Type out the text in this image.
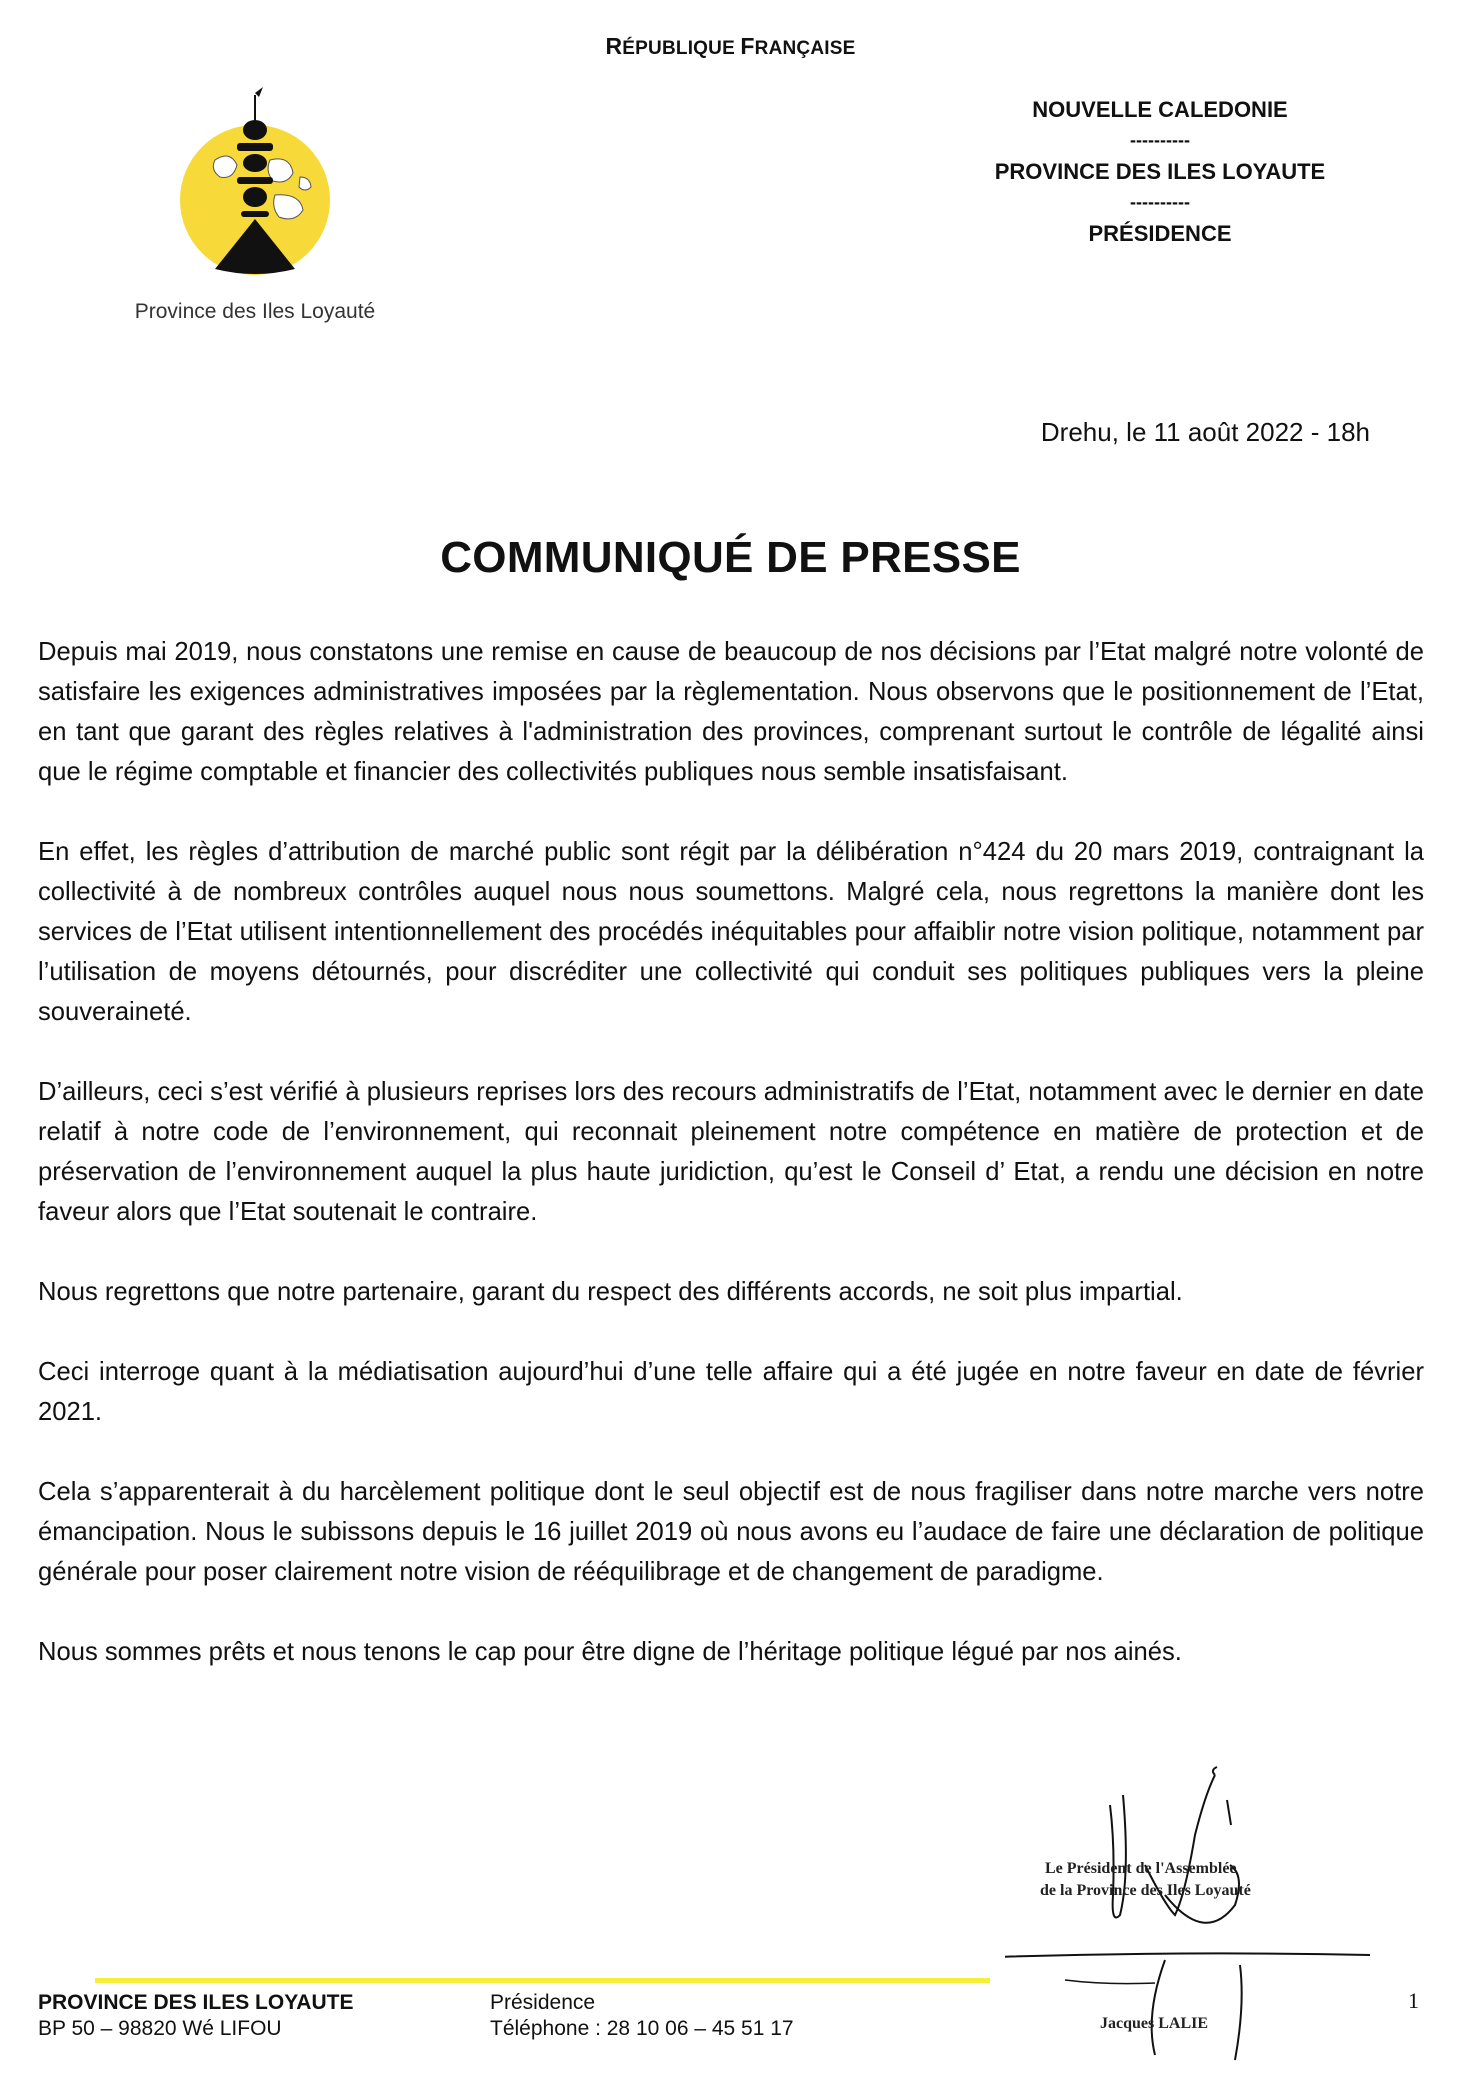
RÉPUBLIQUE FRANÇAISE
Province des Iles Loyauté
NOUVELLE CALEDONIE
----------
PROVINCE DES ILES LOYAUTE
----------
PRÉSIDENCE
Drehu, le 11 août 2022 - 18h
COMMUNIQUÉ DE PRESSE

Depuis mai 2019, nous constatons une remise en cause de beaucoup de nos décisions par l’Etat malgré notre volonté de satisfaire les exigences administratives imposées par la règlementation. Nous observons que le positionnement de l’Etat, en tant que garant des règles relatives à l'administration des provinces, comprenant surtout le contrôle de légalité ainsi que le régime comptable et financier des collectivités publiques nous semble insatisfaisant.

En effet, les règles d’attribution de marché public sont régit par la délibération n°424 du 20 mars 2019, contraignant la collectivité à de nombreux contrôles auquel nous nous soumettons. Malgré cela, nous regrettons la manière dont les services de l’Etat utilisent intentionnellement des procédés inéquitables pour affaiblir notre vision politique, notamment par l’utilisation de moyens détournés, pour discréditer une collectivité qui conduit ses politiques publiques vers la pleine souveraineté.

D’ailleurs, ceci s’est vérifié à plusieurs reprises lors des recours administratifs de l’Etat, notamment avec le dernier en date relatif à notre code de l’environnement, qui reconnait pleinement notre compétence en matière de protection et de préservation de l’environnement auquel la plus haute juridiction, qu’est le Conseil d’ Etat, a rendu une décision en notre faveur alors que l’Etat soutenait le contraire.

Nous regrettons que notre partenaire, garant du respect des différents accords, ne soit plus impartial.

Ceci interroge quant à la médiatisation aujourd’hui d’une telle affaire qui a été jugée en notre faveur en date de février 2021.

Cela s’apparenterait à du harcèlement politique dont le seul objectif est de nous fragiliser dans notre marche vers notre émancipation. Nous le subissons depuis le 16 juillet 2019 où nous avons eu l’audace de faire une déclaration de politique générale pour poser clairement notre vision de rééquilibrage et de changement de paradigme.

Nous sommes prêts et nous tenons le cap pour être digne de l’héritage politique légué par nos ainés.

Le Président de l'Assemblée
de la Province des Iles Loyauté
Jacques LALIE
1
PROVINCE DES ILES LOYAUTE
BP 50 – 98820 Wé LIFOU
Présidence
Téléphone : 28 10 06 – 45 51 17
